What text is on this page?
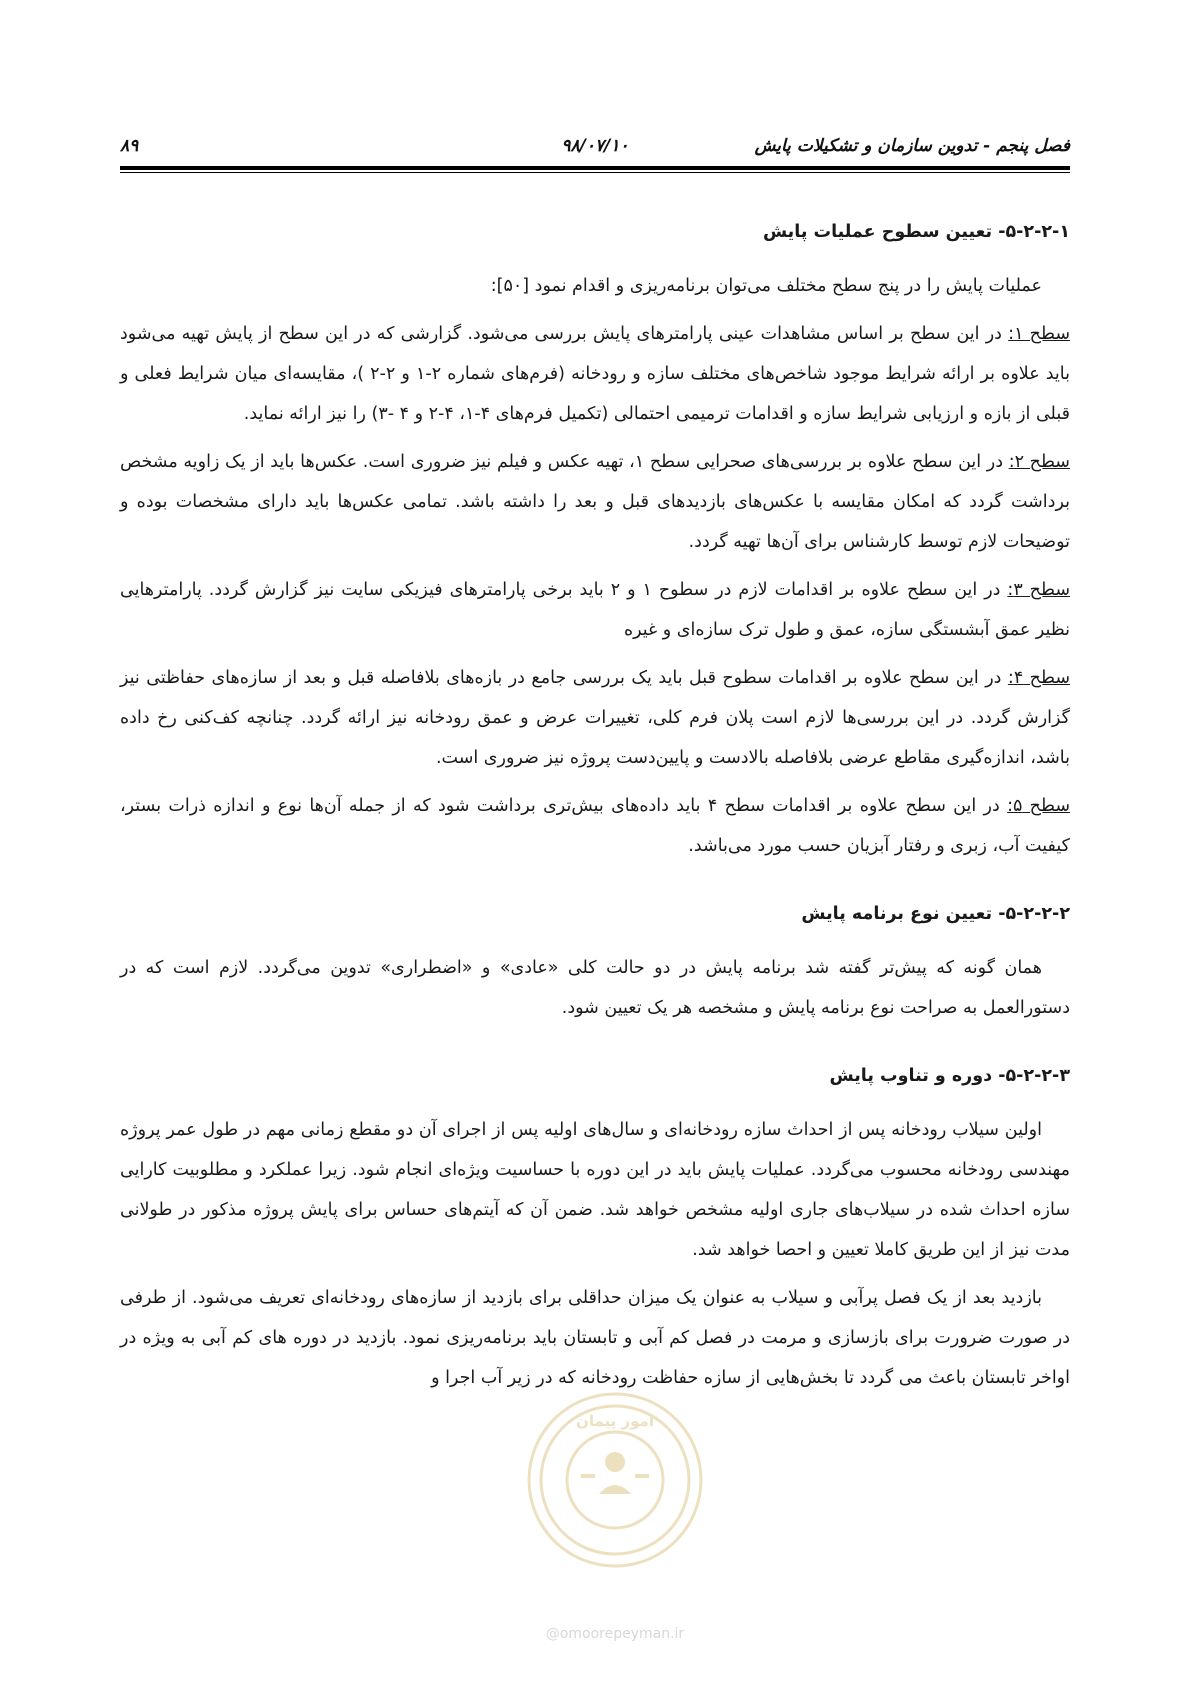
فصل پنجم - تدوین سازمان و تشکیلات پایش
۹۸/۰۷/۱۰
۸۹
۵-۲-۲-۱- تعیین سطوح عملیات پایش

عملیات پایش را در پنج سطح مختلف می‌توان برنامه‌ریزی و اقدام نمود [۵۰]:

سطح ۱: در این سطح بر اساس مشاهدات عینی پارامترهای پایش بررسی می‌شود. گزارشی که در این سطح از پایش تهیه می‌شود باید علاوه بر ارائه شرایط موجود شاخص‌های مختلف سازه و رودخانه (فرم‌های شماره ۲-۱ و ۲-۲ )، مقایسه‌ای میان شرایط فعلی و قبلی از بازه و ارزیابی شرایط سازه و اقدامات ترمیمی احتمالی (تکمیل فرم‌های ۴-۱، ۴-۲ و ۴ -۳) را نیز ارائه نماید.

سطح ۲: در این سطح علاوه بر بررسی‌های صحرایی سطح ۱، تهیه عکس و فیلم نیز ضروری است. عکس‌ها باید از یک زاویه مشخص برداشت گردد که امکان مقایسه با عکس‌های بازدیدهای قبل و بعد را داشته باشد. تمامی عکس‌ها باید دارای مشخصات بوده و توضیحات لازم توسط کارشناس برای آن‌ها تهیه گردد.

سطح ۳: در این سطح علاوه بر اقدامات لازم در سطوح ۱ و ۲ باید برخی پارامترهای فیزیکی سایت نیز گزارش گردد. پارامترهایی نظیر عمق آبشستگی سازه، عمق و طول ترک سازه‌ای و غیره

سطح ۴: در این سطح علاوه بر اقدامات سطوح قبل باید یک بررسی جامع در بازه‌های بلافاصله قبل و بعد از سازه‌های حفاظتی نیز گزارش گردد. در این بررسی‌ها لازم است پلان فرم کلی، تغییرات عرض و عمق رودخانه نیز ارائه گردد. چنانچه کف‌کنی رخ داده باشد، اندازه‌گیری مقاطع عرضی بلافاصله بالادست و پایین‌دست پروژه نیز ضروری است.

سطح ۵: در این سطح علاوه بر اقدامات سطح ۴ باید داده‌های بیش‌تری برداشت شود که از جمله آن‌ها نوع و اندازه ذرات بستر، کیفیت آب، زبری و رفتار آبزیان حسب مورد می‌باشد.

۵-۲-۲-۲- تعیین نوع برنامه پایش

همان گونه که پیش‌تر گفته شد برنامه پایش در دو حالت کلی «عادی» و «اضطراری» تدوین می‌گردد. لازم است که در دستورالعمل به صراحت نوع برنامه پایش و مشخصه هر یک تعیین شود.

۵-۲-۲-۳- دوره و تناوب پایش

اولین سیلاب رودخانه پس از احداث سازه رودخانه‌ای و سال‌های اولیه پس از اجرای آن دو مقطع زمانی مهم در طول عمر پروژه مهندسی رودخانه محسوب می‌گردد. عملیات پایش باید در این دوره با حساسیت ویژه‌ای انجام شود. زیرا عملکرد و مطلوبیت کارایی سازه احداث شده در سیلاب‌های جاری اولیه مشخص خواهد شد. ضمن آن که آیتم‌های حساس برای پایش پروژه مذکور در طولانی مدت نیز از این طریق کاملا تعیین و احصا خواهد شد.

بازدید بعد از یک فصل پرآبی و سیلاب به عنوان یک میزان حداقلی برای بازدید از سازه‌های رودخانه‌ای تعریف می‌شود. از طرفی در صورت ضرورت برای بازسازی و مرمت در فصل کم آبی و تابستان باید برنامه‌ریزی نمود. بازدید در دوره های کم آبی به ویژه در اواخر تابستان باعث می گردد تا بخش‌هایی از سازه حفاظت رودخانه که در زیر آب اجرا و

امور پیمان
@omoorepeyman.ir
